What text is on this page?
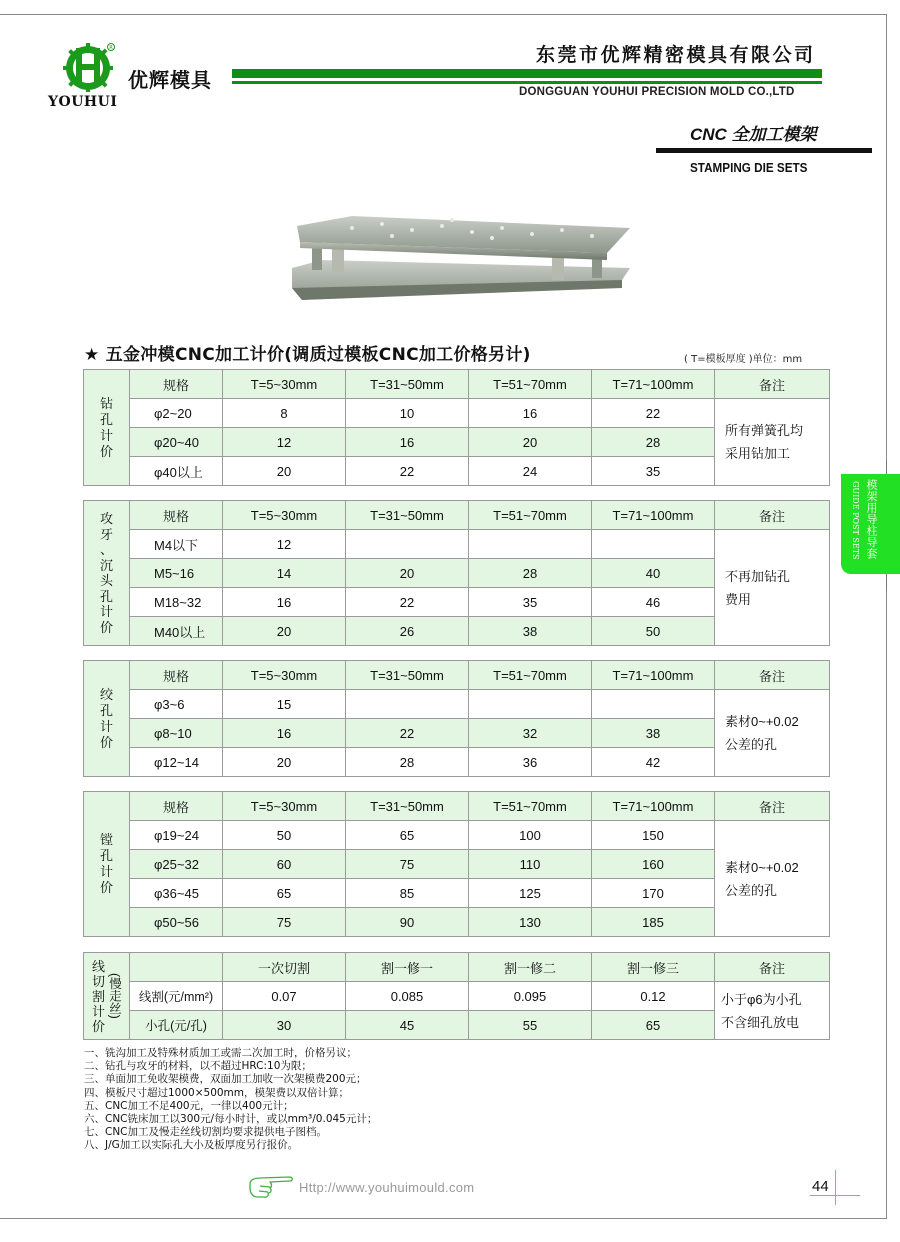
R
YOUHUI
优辉模具
东莞市优辉精密模具有限公司
DONGGUAN YOUHUI PRECISION MOLD CO.,LTD
CNC 全加工模架
STAMPING DIE SETS
模架用导柱导套
GUIDE POST SETS
★ 五金冲模CNC加工计价(调质过模板CNC加工价格另计)	( T=模板厚度 )单位：mm
钻
孔
计
价	规格	T=5~30mm	T=31~50mm	T=51~70mm	T=71~100mm	备注
	φ2~20	8	10	16	22	所有弹簧孔均
采用钻加工
	φ20~40	12	16	20	28	
	φ40以上	20	22	24	35	
攻
牙
、
沉
头
孔
计
价
	规格	T=5~30mm	T=31~50mm	T=51~70mm	T=71~100mm	备注
	M4以下	12				不再加钻孔
费用
	M5~16	14	20	28	40	
	M18~32	16	22	35	46	
	M40以上	20	26	38	50	
绞
孔
计
价	规格	T=5~30mm	T=31~50mm	T=51~70mm	T=71~100mm	备注
	φ3~6	15				素材0~+0.02
公差的孔
	φ8~10	16	22	32	38	
	φ12~14	20	28	36	42	
镗
孔
计
价	规格	T=5~30mm	T=31~50mm	T=51~70mm	T=71~100mm	备注
	φ19~24	50	65	100	150	素材0~+0.02
公差的孔
	φ25~32	60	75	110	160	
	φ36~45	65	85	125	170	
	φ50~56	75	90	130	185	
线切割计价
(慢走丝)		一次切割	割一修一	割一修二	割一修三	备注
	线割(元/mm²)	0.07	0.085	0.095	0.12	小于φ6为小孔
不含细孔放电
	小孔(元/孔)	30	45	55	65	
一、铣沟加工及特殊材质加工或需二次加工时，价格另议；
二、钻孔与攻牙的材料，以不超过HRC:10为限；
三、单面加工免收架模费，双面加工加收一次架模费200元；
四、模板尺寸超过1000×500mm，模架费以双倍计算；
五、CNC加工不足400元，一律以400元计；
六、CNC铣床加工以300元/每小时计，或以mm³/0.045元计；
七、CNC加工及慢走丝线切割均要求提供电子图档。
八、J/G加工以实际孔大小及板厚度另行报价。
Http://www.youhuimould.com	44
